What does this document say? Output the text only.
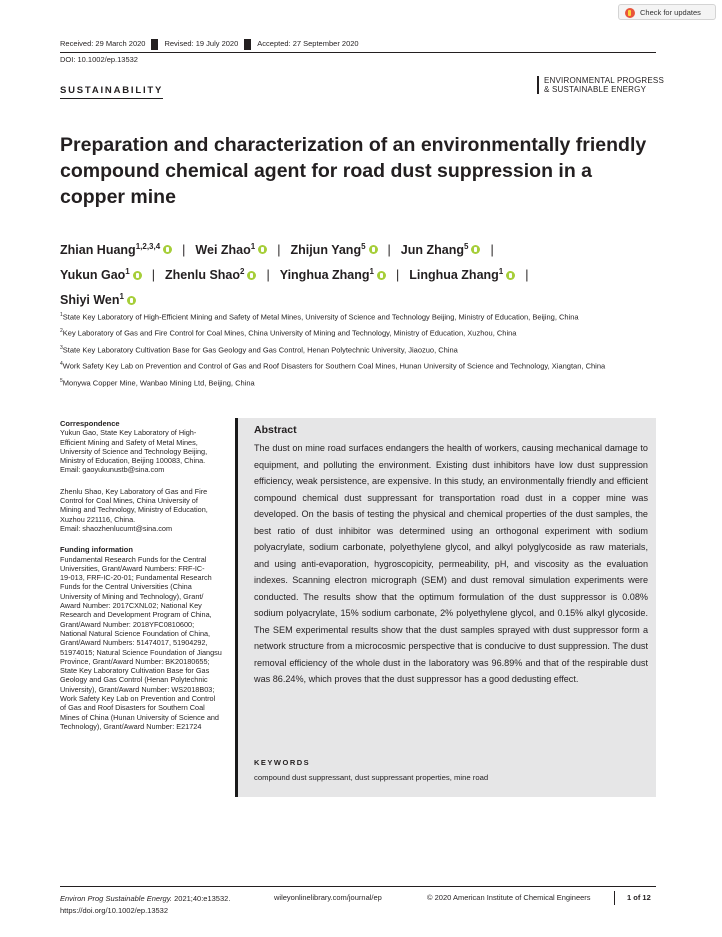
Check for updates
Received: 29 March 2020	Revised: 19 July 2020	Accepted: 27 September 2020
DOI: 10.1002/ep.13532
SUSTAINABILITY
ENVIRONMENTAL PROGRESS
& SUSTAINABLE ENERGY
Preparation and characterization of an environmentally friendly compound chemical agent for road dust suppression in a copper mine
Zhian Huang$^{1,2,3,4}$ | Wei Zhao$^1$ | Zhijun Yang$^5$ | Jun Zhang$^5$ |
Yukun Gao$^1$ | Zhenlu Shao$^2$ | Yinghua Zhang$^1$ | Linghua Zhang$^1$ |
Shiyi Wen$^1$
$^1$State Key Laboratory of High-Efficient Mining and Safety of Metal Mines, University of Science and Technology Beijing, Ministry of Education, Beijing, China
$^2$Key Laboratory of Gas and Fire Control for Coal Mines, China University of Mining and Technology, Ministry of Education, Xuzhou, China
$^3$State Key Laboratory Cultivation Base for Gas Geology and Gas Control, Henan Polytechnic University, Jiaozuo, China
$^4$Work Safety Key Lab on Prevention and Control of Gas and Roof Disasters for Southern Coal Mines, Hunan University of Science and Technology, Xiangtan, China
$^5$Monywa Copper Mine, Wanbao Mining Ltd, Beijing, China
Correspondence
Yukun Gao, State Key Laboratory of High-
Efficient Mining and Safety of Metal Mines,
University of Science and Technology Beijing,
Ministry of Education, Beijing 100083, China.
Email: gaoyukunustb@sina.com
Zhenlu Shao, Key Laboratory of Gas and Fire
Control for Coal Mines, China University of
Mining and Technology, Ministry of Education,
Xuzhou 221116, China.
Email: shaozhenlucumt@sina.com
Funding information
Fundamental Research Funds for the Central
Universities, Grant/Award Numbers: FRF-IC-
19-013, FRF-IC-20-01; Fundamental Research
Funds for the Central Universities (China
University of Mining and Technology), Grant/
Award Number: 2017CXNL02; National Key
Research and Development Program of China,
Grant/Award Number: 2018YFC0810600;
National Natural Science Foundation of China,
Grant/Award Numbers: 51474017, 51904292,
51974015; Natural Science Foundation of Jiangsu
Province, Grant/Award Number: BK20180655;
State Key Laboratory Cultivation Base for Gas
Geology and Gas Control (Henan Polytechnic
University), Grant/Award Number: WS2018B03;
Work Safety Key Lab on Prevention and Control
of Gas and Roof Disasters for Southern Coal
Mines of China (Hunan University of Science and
Technology), Grant/Award Number: E21724
Abstract
The dust on mine road surfaces endangers the health of workers, causing mechanical damage to equipment, and polluting the environment. Existing dust inhibitors have low dust suppression efficiency, weak persistence, are expensive. In this study, an environmentally friendly and efficient compound chemical dust suppressant for transportation road dust in a copper mine was developed. On the basis of testing the physical and chemical properties of the dust samples, the best ratio of dust inhibitor was determined using an orthogonal experiment with sodium polyacrylate, sodium carbonate, polyethylene glycol, and alkyl polyglycoside as raw materials, and using anti-evaporation, hygroscopicity, permeability, pH, and viscosity as the evaluation indexes. Scanning electron micrograph (SEM) and dust removal simulation experiments were conducted. The results show that the optimum formulation of the dust suppressor is 0.08% sodium polyacrylate, 15% sodium carbonate, 2% polyethylene glycol, and 0.15% alkyl glycoside. The SEM experimental results show that the dust samples sprayed with dust suppressor form a network structure from a microcosmic perspective that is conducive to dust suppression. The dust removal efficiency of the whole dust in the laboratory was 96.89% and that of the respirable dust was 86.24%, which proves that the dust suppressor has a good dedusting effect.
KEYWORDS
compound dust suppressant, dust suppressant properties, mine road
Environ Prog Sustainable Energy. 2021;40:e13532.
https://doi.org/10.1002/ep.13532
wileyonlinelibrary.com/journal/ep	© 2020 American Institute of Chemical Engineers	1 of 12
